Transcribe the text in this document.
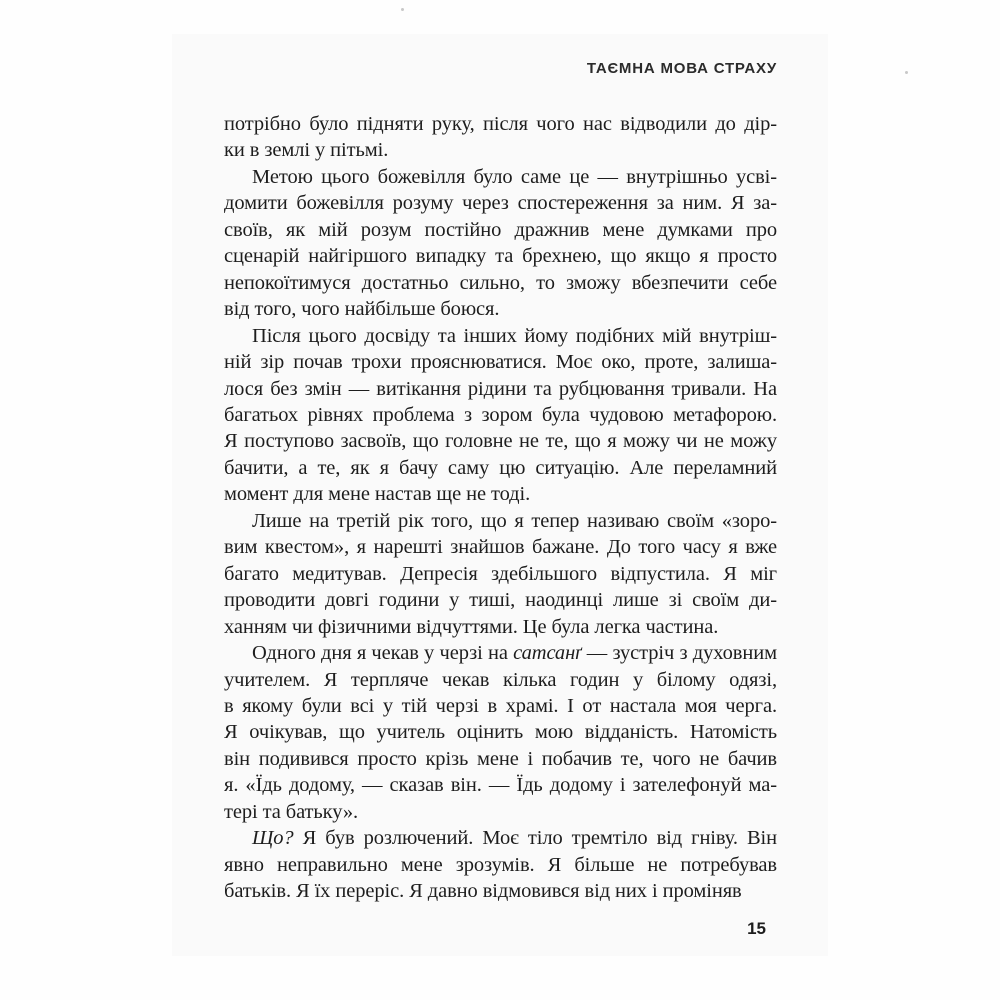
ТАЄМНА МОВА СТРАХУ
потрібно було підняти руку, після чого нас відводили до дір-
ки в землі у пітьмі.
Метою цього божевілля було саме це — внутрішньо усві-
домити божевілля розуму через спостереження за ним. Я за-
своїв, як мій розум постійно дражнив мене думками про
сценарій найгіршого випадку та брехнею, що якщо я просто
непокоїтимуся достатньо сильно, то зможу вбезпечити себе
від того, чого найбільше боюся.
Після цього досвіду та інших йому подібних мій внутріш-
ній зір почав трохи прояснюватися. Моє око, проте, залиша-
лося без змін — витікання рідини та рубцювання тривали. На
багатьох рівнях проблема з зором була чудовою метафорою.
Я поступово засвоїв, що головне не те, що я можу чи не можу
бачити, а те, як я бачу саму цю ситуацію. Але переламний
момент для мене настав ще не тоді.
Лише на третій рік того, що я тепер називаю своїм «зоро-
вим квестом», я нарешті знайшов бажане. До того часу я вже
багато медитував. Депресія здебільшого відпустила. Я міг
проводити довгі години у тиші, наодинці лише зі своїм ди-
ханням чи фізичними відчуттями. Це була легка частина.
Одного дня я чекав у черзі на сатсанґ — зустріч з духовним
учителем. Я терпляче чекав кілька годин у білому одязі,
в якому були всі у тій черзі в храмі. І от настала моя черга.
Я очікував, що учитель оцінить мою відданість. Натомість
він подивився просто крізь мене і побачив те, чого не бачив
я. «Їдь додому, — сказав він. — Їдь додому і зателефонуй ма-
тері та батьку».
Що? Я був розлючений. Моє тіло тремтіло від гніву. Він
явно неправильно мене зрозумів. Я більше не потребував
батьків. Я їх переріс. Я давно відмовився від них і проміняв
15
